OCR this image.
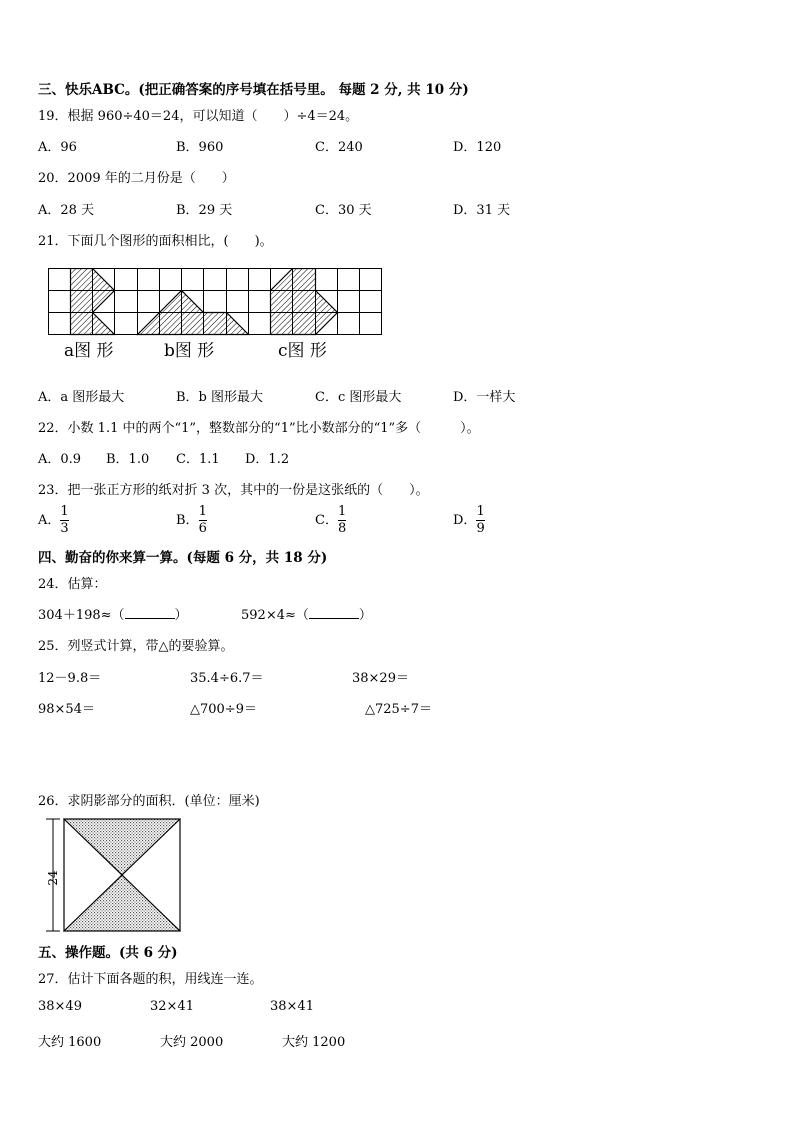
三、快乐ABC。(把正确答案的序号填在括号里。 每题 2 分, 共 10 分)
19．根据 960÷40＝24，可以知道（　　）÷4＝24。
A．96	B．960	C．240	D．120
20．2009 年的二月份是（　　）
A．28 天	B．29 天	C．30 天	D．31 天
21．下面几个图形的面积相比，(　　)。
a图 形	b图 形	c图 形
A．a 图形最大	B．b 图形最大	C．c 图形最大	D．一样大
22．小数 1.1 中的两个“1”，整数部分的“1”比小数部分的“1”多（　　　）。
A．0.9 B．1.0 C．1.1 D．1.2
23．把一张正方形的纸对折 3 次，其中的一份是这张纸的（　　）。
A． $\frac{1}{3}$	B． $\frac{1}{6}$	C． $\frac{1}{8}$	D． $\frac{1}{9}$
四、勤奋的你来算一算。(每题 6 分，共 18 分)
24．估算：
304＋198≈（	）	592×4≈（	）
25．列竖式计算，带△的要验算。
12－9.8＝	35.4÷6.7＝	38×29＝
98×54＝	△700÷9＝	△725÷7＝
26．求阴影部分的面积．(单位：厘米)
24
五、操作题。(共 6 分)
27．估计下面各题的积，用线连一连。
38×49	32×41	38×41
大约 1600	大约 2000	大约 1200
